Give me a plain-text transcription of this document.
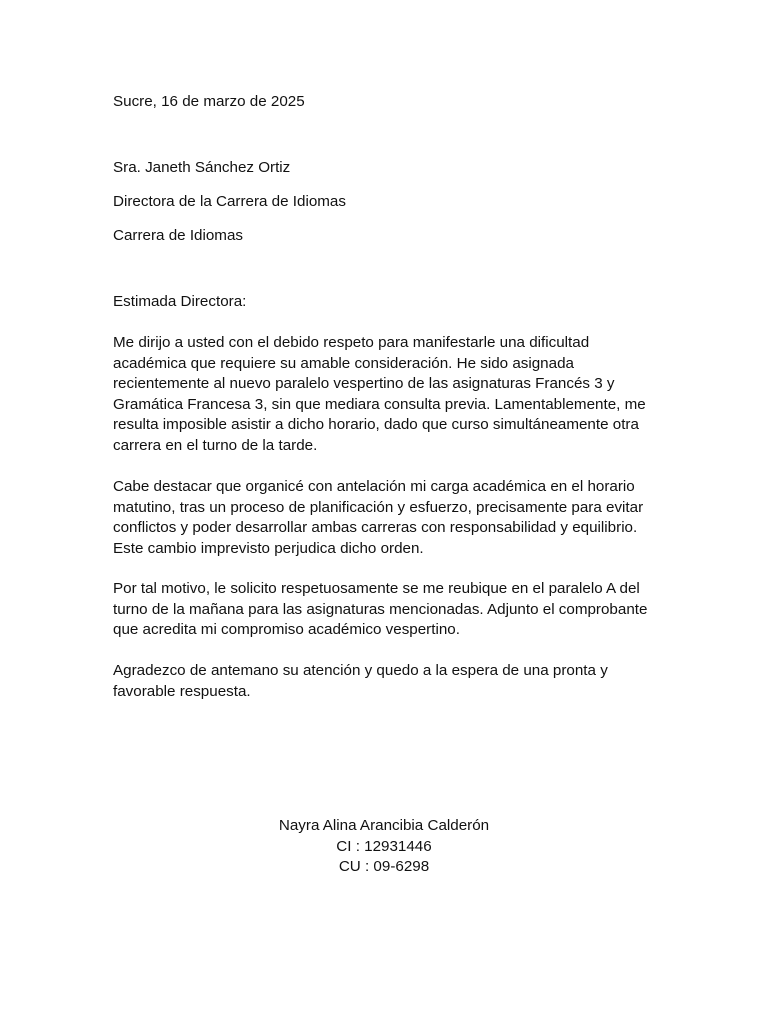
Sucre, 16 de marzo de 2025

Sra. Janeth Sánchez Ortiz

Directora de la Carrera de Idiomas

Carrera de Idiomas

Estimada Directora:

Me dirijo a usted con el debido respeto para manifestarle una dificultad
académica que requiere su amable consideración. He sido asignada
recientemente al nuevo paralelo vespertino de las asignaturas Francés 3 y
Gramática Francesa 3, sin que mediara consulta previa. Lamentablemente, me
resulta imposible asistir a dicho horario, dado que curso simultáneamente otra
carrera en el turno de la tarde.
Cabe destacar que organicé con antelación mi carga académica en el horario
matutino, tras un proceso de planificación y esfuerzo, precisamente para evitar
conflictos y poder desarrollar ambas carreras con responsabilidad y equilibrio.
Este cambio imprevisto perjudica dicho orden.
Por tal motivo, le solicito respetuosamente se me reubique en el paralelo A del
turno de la mañana para las asignaturas mencionadas. Adjunto el comprobante
que acredita mi compromiso académico vespertino.
Agradezco de antemano su atención y quedo a la espera de una pronta y
favorable respuesta.
Nayra Alina Arancibia Calderón
CI : 12931446
CU : 09-6298
